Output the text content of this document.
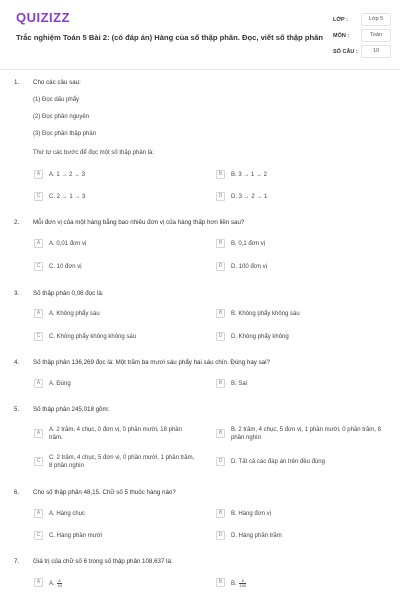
QUIZIZZ
Trắc nghiệm Toán 5 Bài 2: (có đáp án) Hàng của số thập phân. Đọc, viết số thập phân
LỚP :	Lớp 5
MÔN :	Toán
SỐ CÂU :	10
1. Cho các câu sau:
(1) Đọc dấu phẩy
(2) Đọc phần nguyên
(3) Đọc phần thập phân
Thứ tự các bước để đọc một số thập phân là:
A	A. 1 → 2 → 3	B	B. 3 → 1 → 2
C	C. 2 → 1 → 3	D	D. 3 → 2 → 1
2. Mỗi đơn vị của một hàng bằng bao nhiêu đơn vị của hàng thấp hơn liền sau?
A	A. 0,01 đơn vị	B	B. 0,1 đơn vị
C	C. 10 đơn vị	D	D. 100 đơn vị
3. Số thập phân 0,06 đọc là:
A	A. Không phẩy sáu	B	B. Không phẩy không sáu
C	C. Không phẩy không không sáu	D	D. Không phẩy không
4. Số thập phân 136,269 đọc là: Một trăm ba mươi sáu phẩy hai sáu chín. Đúng hay sai?
A	A. Đúng	B	B. Sai
5. Số thập phân 245,018 gồm:
A	A. 2 trăm, 4 chục, 0 đơn vị, 0 phần mười, 18 phần trăm.
B	B. 2 trăm, 4 chục, 5 đơn vị, 1 phần mười, 0 phần trăm, 8 phần nghìn
C	C. 2 trăm, 4 chục, 5 đơn vị, 0 phần mười, 1 phần trăm, 8 phần nghìn
D	D. Tất cả các đáp án trên đều đúng
6. Cho số thập phân 48,15. Chữ số 5 thuộc hàng nào?
A	A. Hàng chục	B	B. Hàng đơn vị
C	C. Hàng phần mười	D	D. Hàng phần trăm
7. Giá trị của chữ số 6 trong số thập phân 108,637 là:
A	A. $\frac{6}{10}$	B	B. $\frac{6}{100}$
